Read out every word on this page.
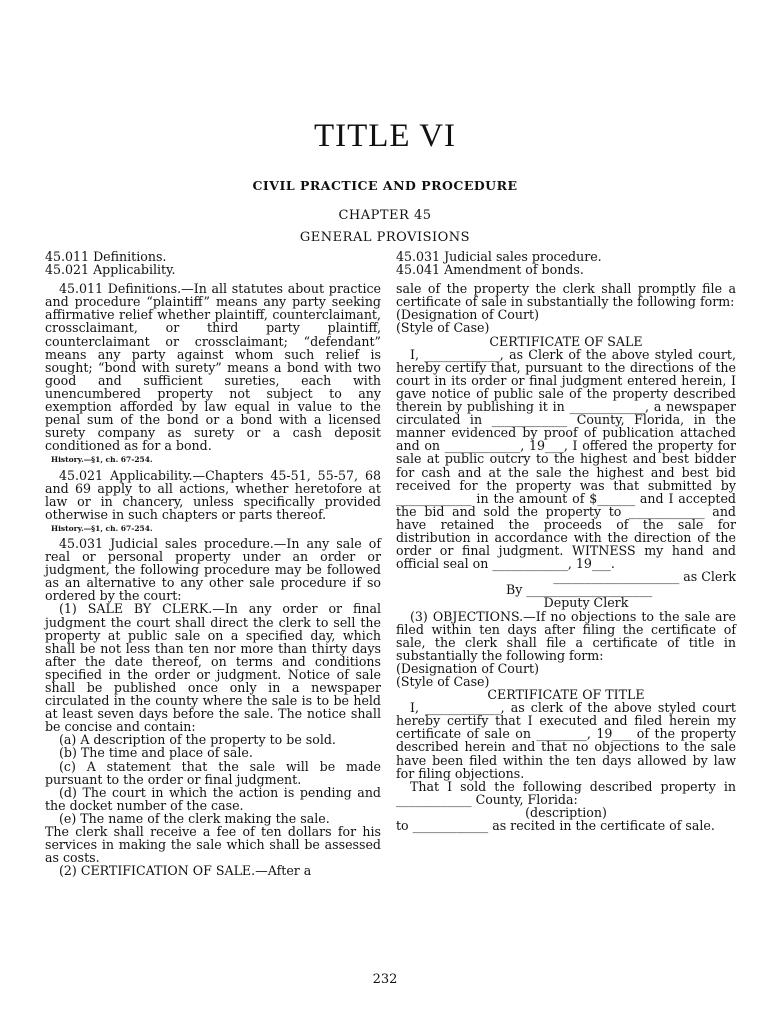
TITLE VI
CIVIL PRACTICE AND PROCEDURE
CHAPTER 45
GENERAL PROVISIONS
45.011 Definitions.
45.021 Applicability.

45.011 Definitions.—In all statutes about practice and procedure “plaintiff” means any party seeking affirmative relief whether plaintiff, counterclaimant, crossclaimant, or third party plaintiff, counterclaimant or crossclaimant; “defendant” means any party against whom such relief is sought; “bond with surety” means a bond with two good and sufficient sureties, each with unencumbered property not subject to any exemption afforded by law equal in value to the penal sum of the bond or a bond with a licensed surety company as surety or a cash deposit conditioned as for a bond.

History.—§1, ch. 67-254.

45.021 Applicability.—Chapters 45-51, 55-57, 68 and 69 apply to all actions, whether heretofore at law or in chancery, unless specifically provided otherwise in such chapters or parts thereof.

History.—§1, ch. 67-254.

45.031 Judicial sales procedure.—In any sale of real or personal property under an order or judgment, the following procedure may be followed as an alternative to any other sale procedure if so ordered by the court:

(1) SALE BY CLERK.—In any order or final judgment the court shall direct the clerk to sell the property at public sale on a specified day, which shall be not less than ten nor more than thirty days after the date thereof, on terms and conditions specified in the order or judgment. Notice of sale shall be published once only in a newspaper circulated in the county where the sale is to be held at least seven days before the sale. The notice shall be concise and contain:

(a) A description of the property to be sold.

(b) The time and place of sale.

(c) A statement that the sale will be made pursuant to the order or final judgment.

(d) The court in which the action is pending and the docket number of the case.

(e) The name of the clerk making the sale.

The clerk shall receive a fee of ten dollars for his services in making the sale which shall be assessed as costs.

(2) CERTIFICATION OF SALE.—After a

45.031 Judicial sales procedure.
45.041 Amendment of bonds.

sale of the property the clerk shall promptly file a certificate of sale in substantially the following form:

(Designation of Court)

(Style of Case)

CERTIFICATE OF SALE

I, ____________, as Clerk of the above styled court, hereby certify that, pursuant to the directions of the court in its order or final judgment entered herein, I gave notice of public sale of the property described therein by publishing it in ____________, a newspaper circulated in ____________ County, Florida, in the manner evidenced by proof of publication attached and on ____________, 19___, I offered the property for sale at public outcry to the highest and best bidder for cash and at the sale the highest and best bid received for the property was that submitted by ____________ in the amount of $______ and I accepted the bid and sold the property to ____________ and have retained the proceeds of the sale for distribution in accordance with the direction of the order or final judgment. WITNESS my hand and official seal on ____________, 19___.

____________________ as Clerk

By ____________________

Deputy Clerk

(3) OBJECTIONS.—If no objections to the sale are filed within ten days after filing the certificate of sale, the clerk shall file a certificate of title in substantially the following form:

(Designation of Court)

(Style of Case)

CERTIFICATE OF TITLE

I, ____________, as clerk of the above styled court hereby certify that I executed and filed herein my certificate of sale on ________, 19___ of the property described herein and that no objections to the sale have been filed within the ten days allowed by law for filing objections.

That I sold the following described property in ____________ County, Florida:

(description)

to ____________ as recited in the certificate of sale.

232
